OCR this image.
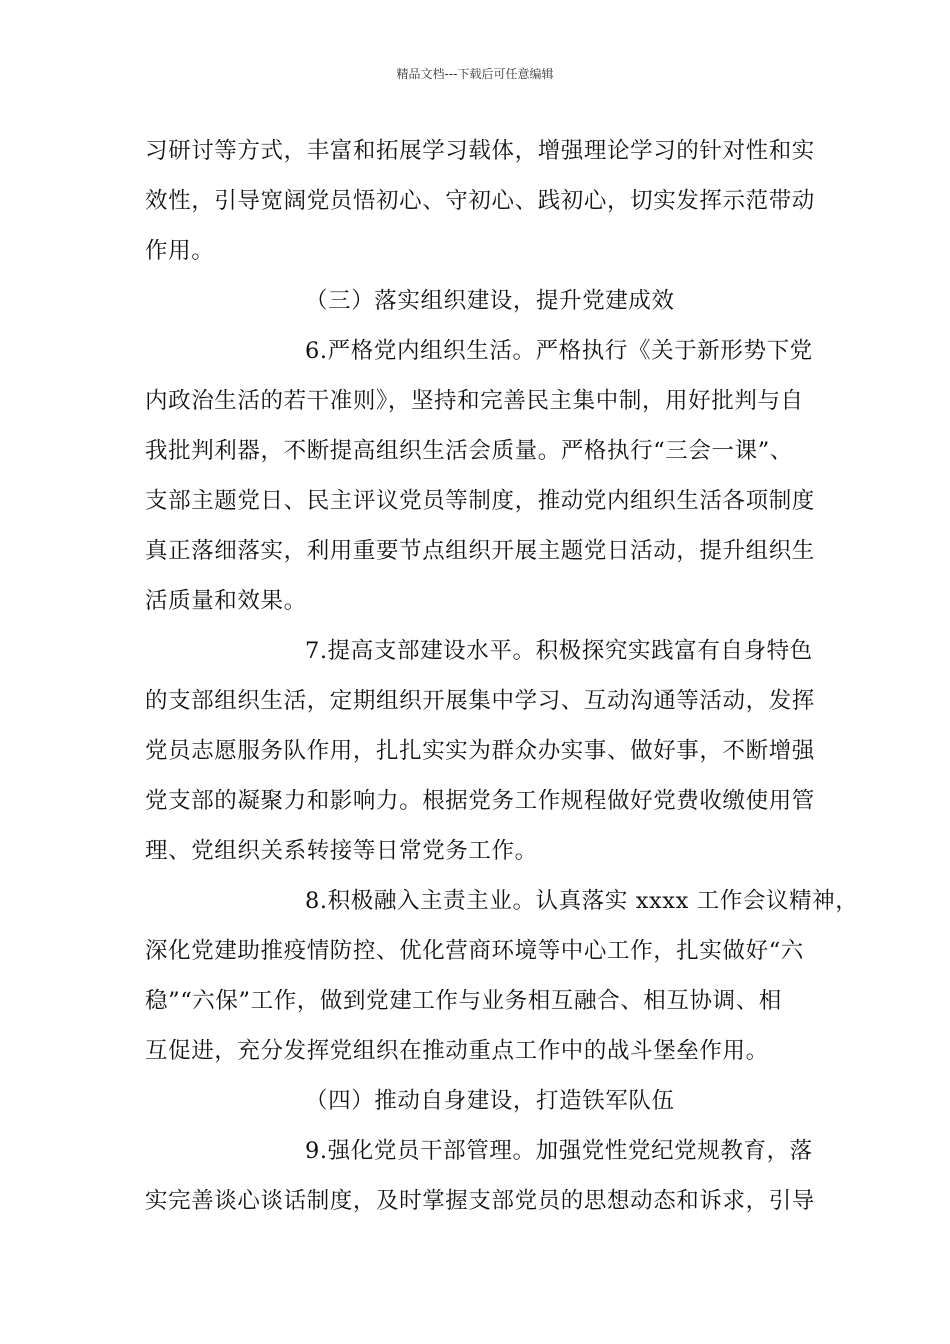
精品文档---下载后可任意编辑
习研讨等方式，丰富和拓展学习载体，增强理论学习的针对性和实
效性，引导宽阔党员悟初心、守初心、践初心，切实发挥示范带动
作用。
（三）落实组织建设，提升党建成效
6.严格党内组织生活。严格执行《关于新形势下党
内政治生活的若干准则》，坚持和完善民主集中制，用好批判与自
我批判利器，不断提高组织生活会质量。严格执行“三会一课”、
支部主题党日、民主评议党员等制度，推动党内组织生活各项制度
真正落细落实，利用重要节点组织开展主题党日活动，提升组织生
活质量和效果。
7.提高支部建设水平。积极探究实践富有自身特色
的支部组织生活，定期组织开展集中学习、互动沟通等活动，发挥
党员志愿服务队作用，扎扎实实为群众办实事、做好事，不断增强
党支部的凝聚力和影响力。根据党务工作规程做好党费收缴使用管
理、党组织关系转接等日常党务工作。
8.积极融入主责主业。认真落实 xxxx 工作会议精神，
深化党建助推疫情防控、优化营商环境等中心工作，扎实做好“六
稳”“六保”工作，做到党建工作与业务相互融合、相互协调、相
互促进，充分发挥党组织在推动重点工作中的战斗堡垒作用。
（四）推动自身建设，打造铁军队伍
9.强化党员干部管理。加强党性党纪党规教育，落
实完善谈心谈话制度，及时掌握支部党员的思想动态和诉求，引导
